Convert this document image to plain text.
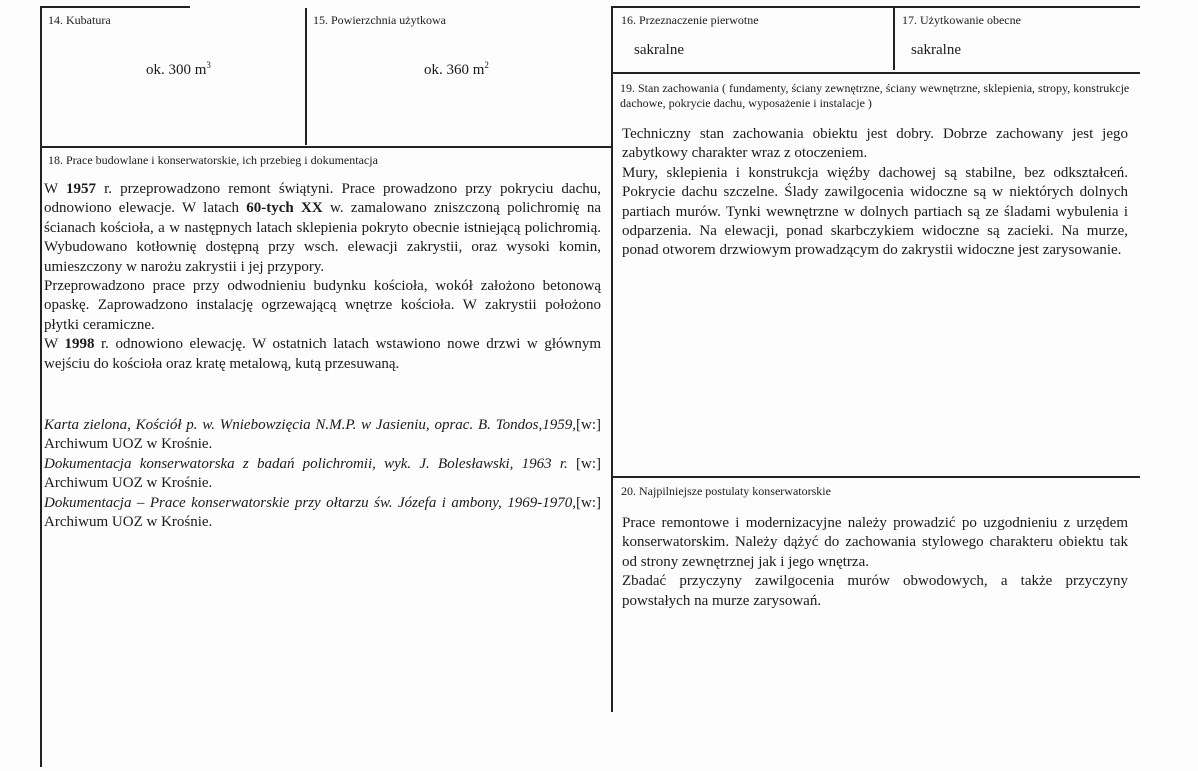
14. Kubatura
ok. 300 $m^3$
15. Powierzchnia użytkowa
ok. 360 $m^2$
16. Przeznaczenie pierwotne
sakralne
17. Użytkowanie obecne
sakralne
19. Stan zachowania ( fundamenty, ściany zewnętrzne, ściany wewnętrzne, sklepienia, stropy, konstrukcje dachowe, pokrycie dachu, wyposażenie i instalacje )

Techniczny stan zachowania obiektu jest dobry. Dobrze zachowany jest jego zabytkowy charakter wraz z otoczeniem.

Mury, sklepienia i konstrukcja więźby dachowej są stabilne, bez odkształceń. Pokrycie dachu szczelne. Ślady zawilgocenia widoczne są w niektórych dolnych partiach murów. Tynki wewnętrzne w dolnych partiach są ze śladami wybulenia i odparzenia. Na elewacji, ponad skarbczykiem widoczne są zacieki. Na murze, ponad otworem drzwiowym prowadzącym do zakrystii widoczne jest zarysowanie.

18. Prace budowlane i konserwatorskie, ich przebieg i dokumentacja

W 1957 r. przeprowadzono remont świątyni. Prace prowadzono przy pokryciu dachu, odnowiono elewacje. W latach 60-tych XX w. zamalowano zniszczoną polichromię na ścianach kościoła, a w następnych latach sklepienia pokryto obecnie istniejącą polichromią. Wybudowano kotłownię dostępną przy wsch. elewacji zakrystii, oraz wysoki komin, umieszczony w narożu zakrystii i jej przypory.

Przeprowadzono prace przy odwodnieniu budynku kościoła, wokół założono betonową opaskę. Zaprowadzono instalację ogrzewającą wnętrze kościoła. W zakrystii położono płytki ceramiczne.

W 1998 r. odnowiono elewację. W ostatnich latach wstawiono nowe drzwi w głównym wejściu do kościoła oraz kratę metalową, kutą przesuwaną.

Karta zielona, Kościół p. w. Wniebowzięcia N.M.P. w Jasieniu, oprac. B. Tondos,1959,[w:] Archiwum UOZ w Krośnie.

Dokumentacja konserwatorska z badań polichromii, wyk. J. Bolesławski, 1963 r. [w:] Archiwum UOZ w Krośnie.

Dokumentacja – Prace konserwatorskie przy ołtarzu św. Józefa i ambony, 1969-1970,[w:] Archiwum UOZ w Krośnie.

20. Najpilniejsze postulaty konserwatorskie

Prace remontowe i modernizacyjne należy prowadzić po uzgodnieniu z urzędem konserwatorskim. Należy dążyć do zachowania stylowego charakteru obiektu tak od strony zewnętrznej jak i jego wnętrza.

Zbadać przyczyny zawilgocenia murów obwodowych, a także przyczyny powstałych na murze zarysowań.
